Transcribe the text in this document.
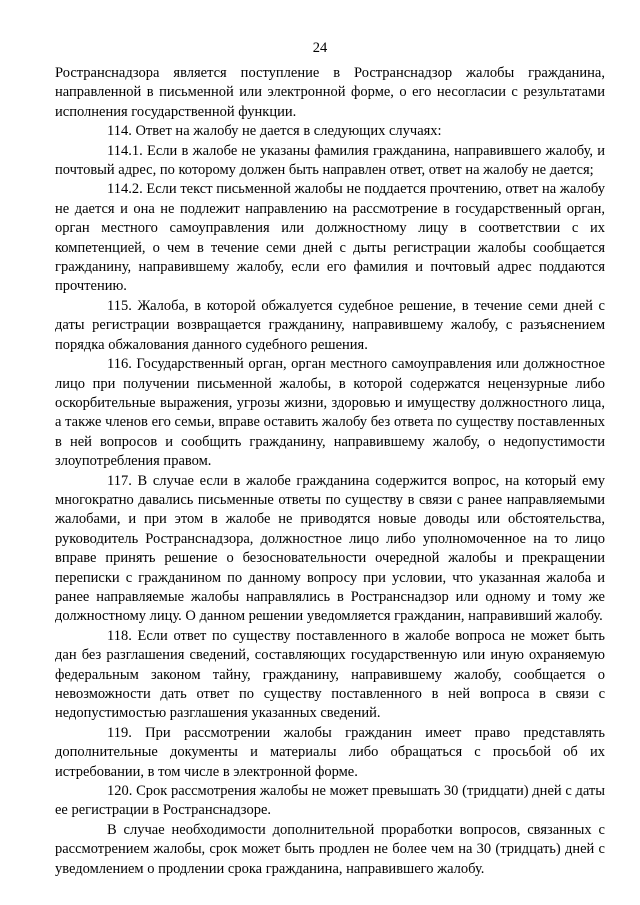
24

Ространснадзора является поступление в Ространснадзор жалобы гражданина, направленной в письменной или электронной форме, о его несогласии с результатами исполнения государственной функции.

114. Ответ на жалобу не дается в следующих случаях:

114.1. Если в жалобе не указаны фамилия гражданина, направившего жалобу, и почтовый адрес, по которому должен быть направлен ответ, ответ на жалобу не дается;

114.2. Если текст письменной жалобы не поддается прочтению, ответ на жалобу не дается и она не подлежит направлению на рассмотрение в государственный орган, орган местного самоуправления или должностному лицу в соответствии с их компетенцией, о чем в течение семи дней с дыты регистрации жалобы сообщается гражданину, направившему жалобу, если его фамилия и почтовый адрес поддаются прочтению.

115. Жалоба, в которой обжалуется судебное решение, в течение семи дней с даты регистрации возвращается гражданину, направившему жалобу, с разъяснением порядка обжалования данного судебного решения.

116. Государственный орган, орган местного самоуправления или должностное лицо при получении письменной жалобы, в которой содержатся нецензурные либо оскорбительные выражения, угрозы жизни, здоровью и имуществу должностного лица, а также членов его семьи, вправе оставить жалобу без ответа по существу поставленных в ней вопросов и сообщить гражданину, направившему жалобу, о недопустимости злоупотребления правом.

117. В случае если в жалобе гражданина содержится вопрос, на который ему многократно давались письменные ответы по существу в связи с ранее направляемыми жалобами, и при этом в жалобе не приводятся новые доводы или обстоятельства, руководитель Ространснадзора, должностное лицо либо уполномоченное на то лицо вправе принять решение о безосновательности очередной жалобы и прекращении переписки с гражданином по данному вопросу при условии, что указанная жалоба и ранее направляемые жалобы направлялись в Ространснадзор или одному и тому же должностному лицу. О данном решении уведомляется гражданин, направивший жалобу.

118. Если ответ по существу поставленного в жалобе вопроса не может быть дан без разглашения сведений, составляющих государственную или иную охраняемую федеральным законом тайну, гражданину, направившему жалобу, сообщается о невозможности дать ответ по существу поставленного в ней вопроса в связи с недопустимостью разглашения указанных сведений.

119. При рассмотрении жалобы гражданин имеет право представлять дополнительные документы и материалы либо обращаться с просьбой об их истребовании, в том числе в электронной форме.

120. Срок рассмотрения жалобы не может превышать 30 (тридцати) дней с даты ее регистрации в Ространснадзоре.

В случае необходимости дополнительной проработки вопросов, связанных с рассмотрением жалобы, срок может быть продлен не более чем на 30 (тридцать) дней с уведомлением о продлении срока гражданина, направившего жалобу.
